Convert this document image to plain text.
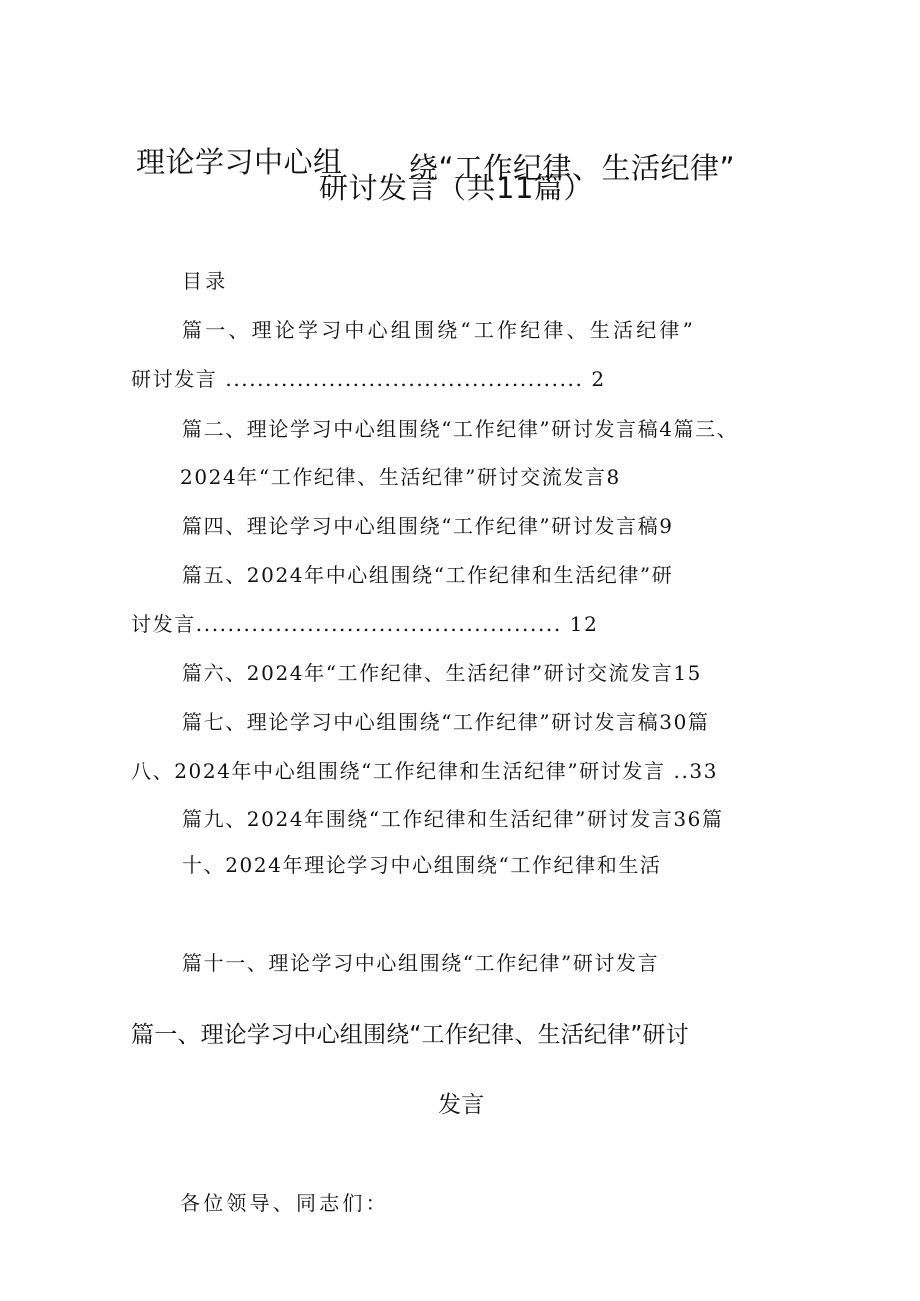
理论学习中心组 绕“工作纪律、生活纪律”
研讨发言（共11篇）
目录
篇一、理论学习中心组围绕“工作纪律、生活纪律”
研讨发言 ............................................. 2
篇二、理论学习中心组围绕“工作纪律”研讨发言稿4篇三、
2024年“工作纪律、生活纪律”研讨交流发言8
篇四、理论学习中心组围绕“工作纪律”研讨发言稿9
篇五、2024年中心组围绕“工作纪律和生活纪律”研
讨发言.............................................. 12
篇六、2024年“工作纪律、生活纪律”研讨交流发言15
篇七、理论学习中心组围绕“工作纪律”研讨发言稿30篇
八、2024年中心组围绕“工作纪律和生活纪律”研讨发言 ..33
篇九、2024年围绕“工作纪律和生活纪律”研讨发言36篇
十、2024年理论学习中心组围绕“工作纪律和生活
篇十一、理论学习中心组围绕“工作纪律”研讨发言
篇一、理论学习中心组围绕“工作纪律、生活纪律”研讨
发言
各位领导、同志们：
